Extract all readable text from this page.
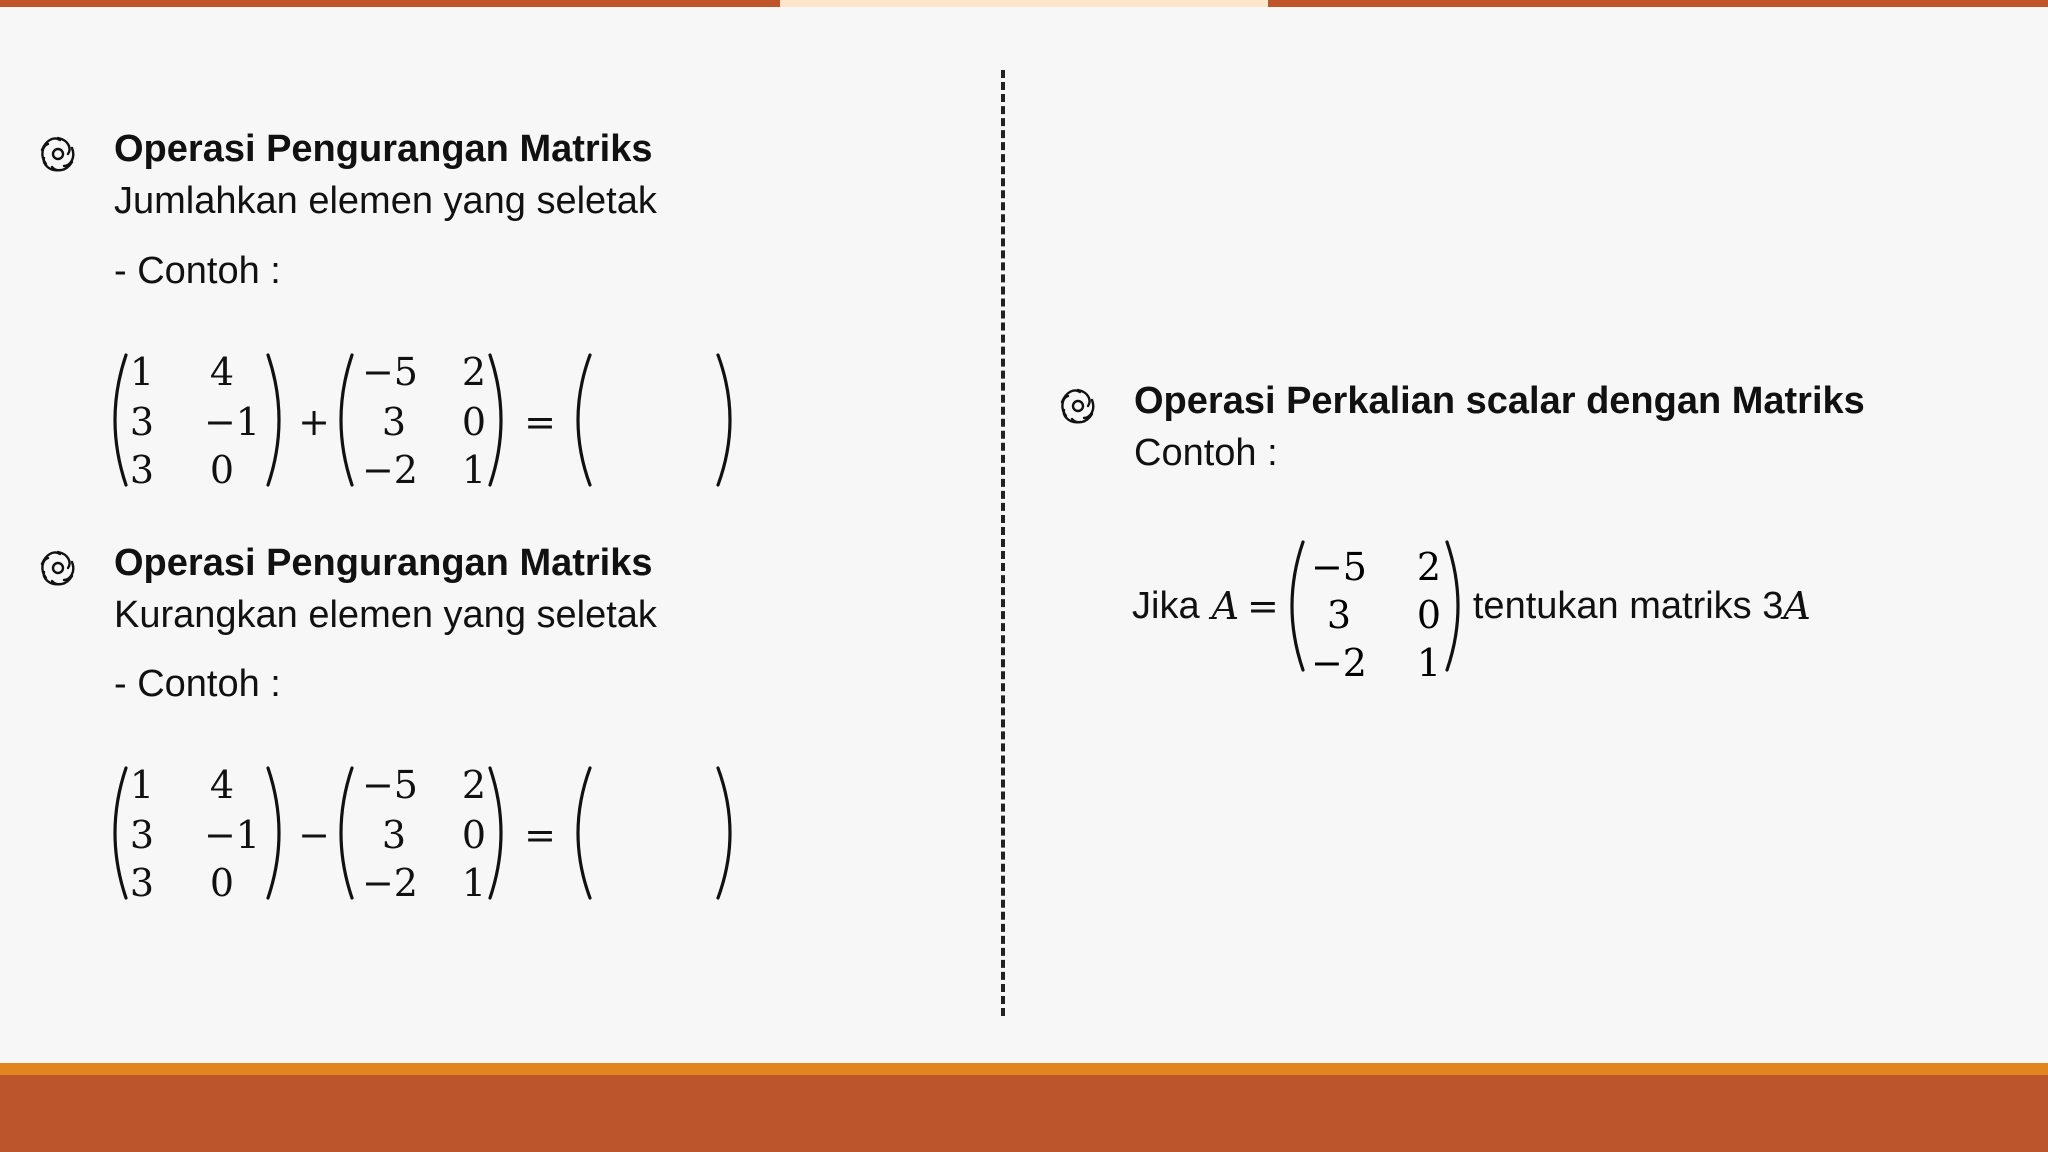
Operasi Pengurangan Matriks
Jumlahkan elemen yang seletak
- Contoh :
1 4
3 −1
3 0
+
−5 2
3 0
−2 1
=
Operasi Pengurangan Matriks
Kurangkan elemen yang seletak
- Contoh :
1 4
3 −1
3 0
−
−5 2
3 0
−2 1
=
Operasi Perkalian scalar dengan Matriks
Contoh :
Jika A =
−5 2
3 0
−2 1
tentukan matriks 3 A
